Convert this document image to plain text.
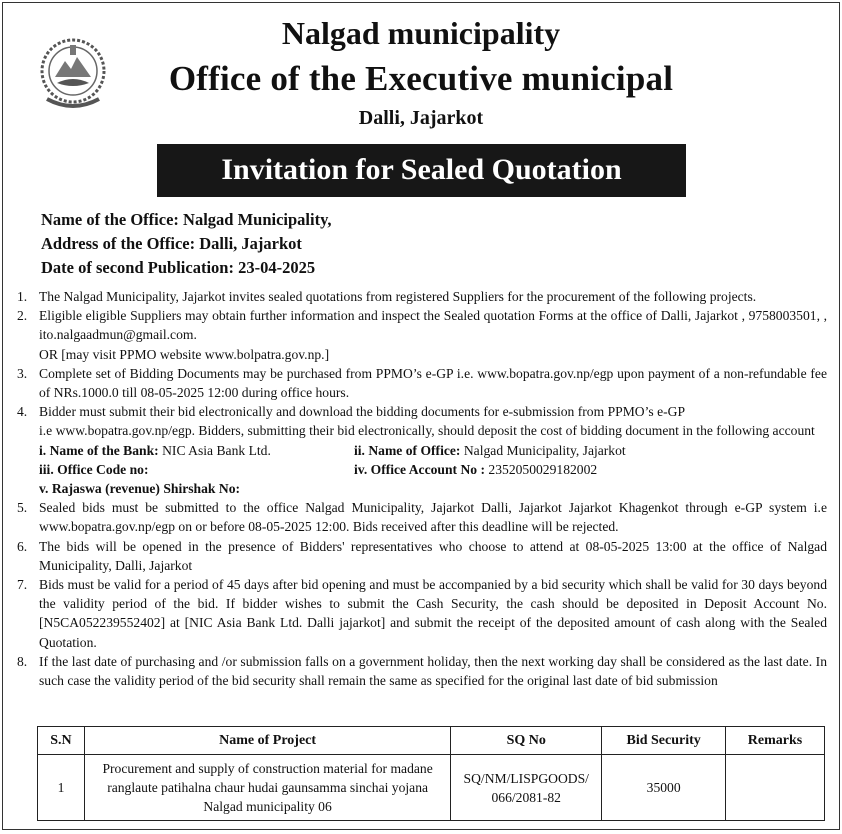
Nalgad municipality
Office of the Executive municipal
Dalli, Jajarkot
Invitation for Sealed Quotation
Name of the Office: Nalgad Municipality,
Address of the Office: Dalli, Jajarkot
Date of second Publication: 23-04-2025
1. The Nalgad Municipality, Jajarkot invites sealed quotations from registered Suppliers for the procurement of the following projects.
2. Eligible eligible Suppliers may obtain further information and inspect the Sealed quotation Forms at the office of Dalli, Jajarkot , 9758003501, , ito.nalgaadmun@gmail.com.
OR [may visit PPMO website www.bolpatra.gov.np.]
3. Complete set of Bidding Documents may be purchased from PPMO’s e-GP i.e. www.bopatra.gov.np/egp upon payment of a non-refundable fee of NRs.1000.0 till 08-05-2025 12:00 during office hours.
4. Bidder must submit their bid electronically and download the bidding documents for e-submission from PPMO’s e-GP
i.e www.bopatra.gov.np/egp. Bidders, submitting their bid electronically, should deposit the cost of bidding document in the following account
i. Name of the Bank: NIC Asia Bank Ltd.	ii. Name of Office: Nalgad Municipality, Jajarkot
iii. Office Code no:	iv. Office Account No : 2352050029182002
v. Rajaswa (revenue) Shirshak No:
5. Sealed bids must be submitted to the office Nalgad Municipality, Jajarkot Dalli, Jajarkot Jajarkot Khagenkot through e-GP system i.e www.bopatra.gov.np/egp on or before 08-05-2025 12:00. Bids received after this deadline will be rejected.
6. The bids will be opened in the presence of Bidders' representatives who choose to attend at 08-05-2025 13:00 at the office of Nalgad Municipality, Dalli, Jajarkot
7. Bids must be valid for a period of 45 days after bid opening and must be accompanied by a bid security which shall be valid for 30 days beyond the validity period of the bid. If bidder wishes to submit the Cash Security, the cash should be deposited in Deposit Account No.[N5CA052239552402] at [NIC Asia Bank Ltd. Dalli jajarkot] and submit the receipt of the deposited amount of cash along with the Sealed Quotation.
8. If the last date of purchasing and /or submission falls on a government holiday, then the next working day shall be considered as the last date. In such case the validity period of the bid security shall remain the same as specified for the original last date of bid submission
S.N	Name of Project	SQ No	Bid Security	Remarks
1	Procurement and supply of construction material for madane ranglaute patihalna chaur hudai gaunsamma sinchai yojana Nalgad municipality 06	SQ/NM/LISPGOODS/ 066/2081-82	35000	
